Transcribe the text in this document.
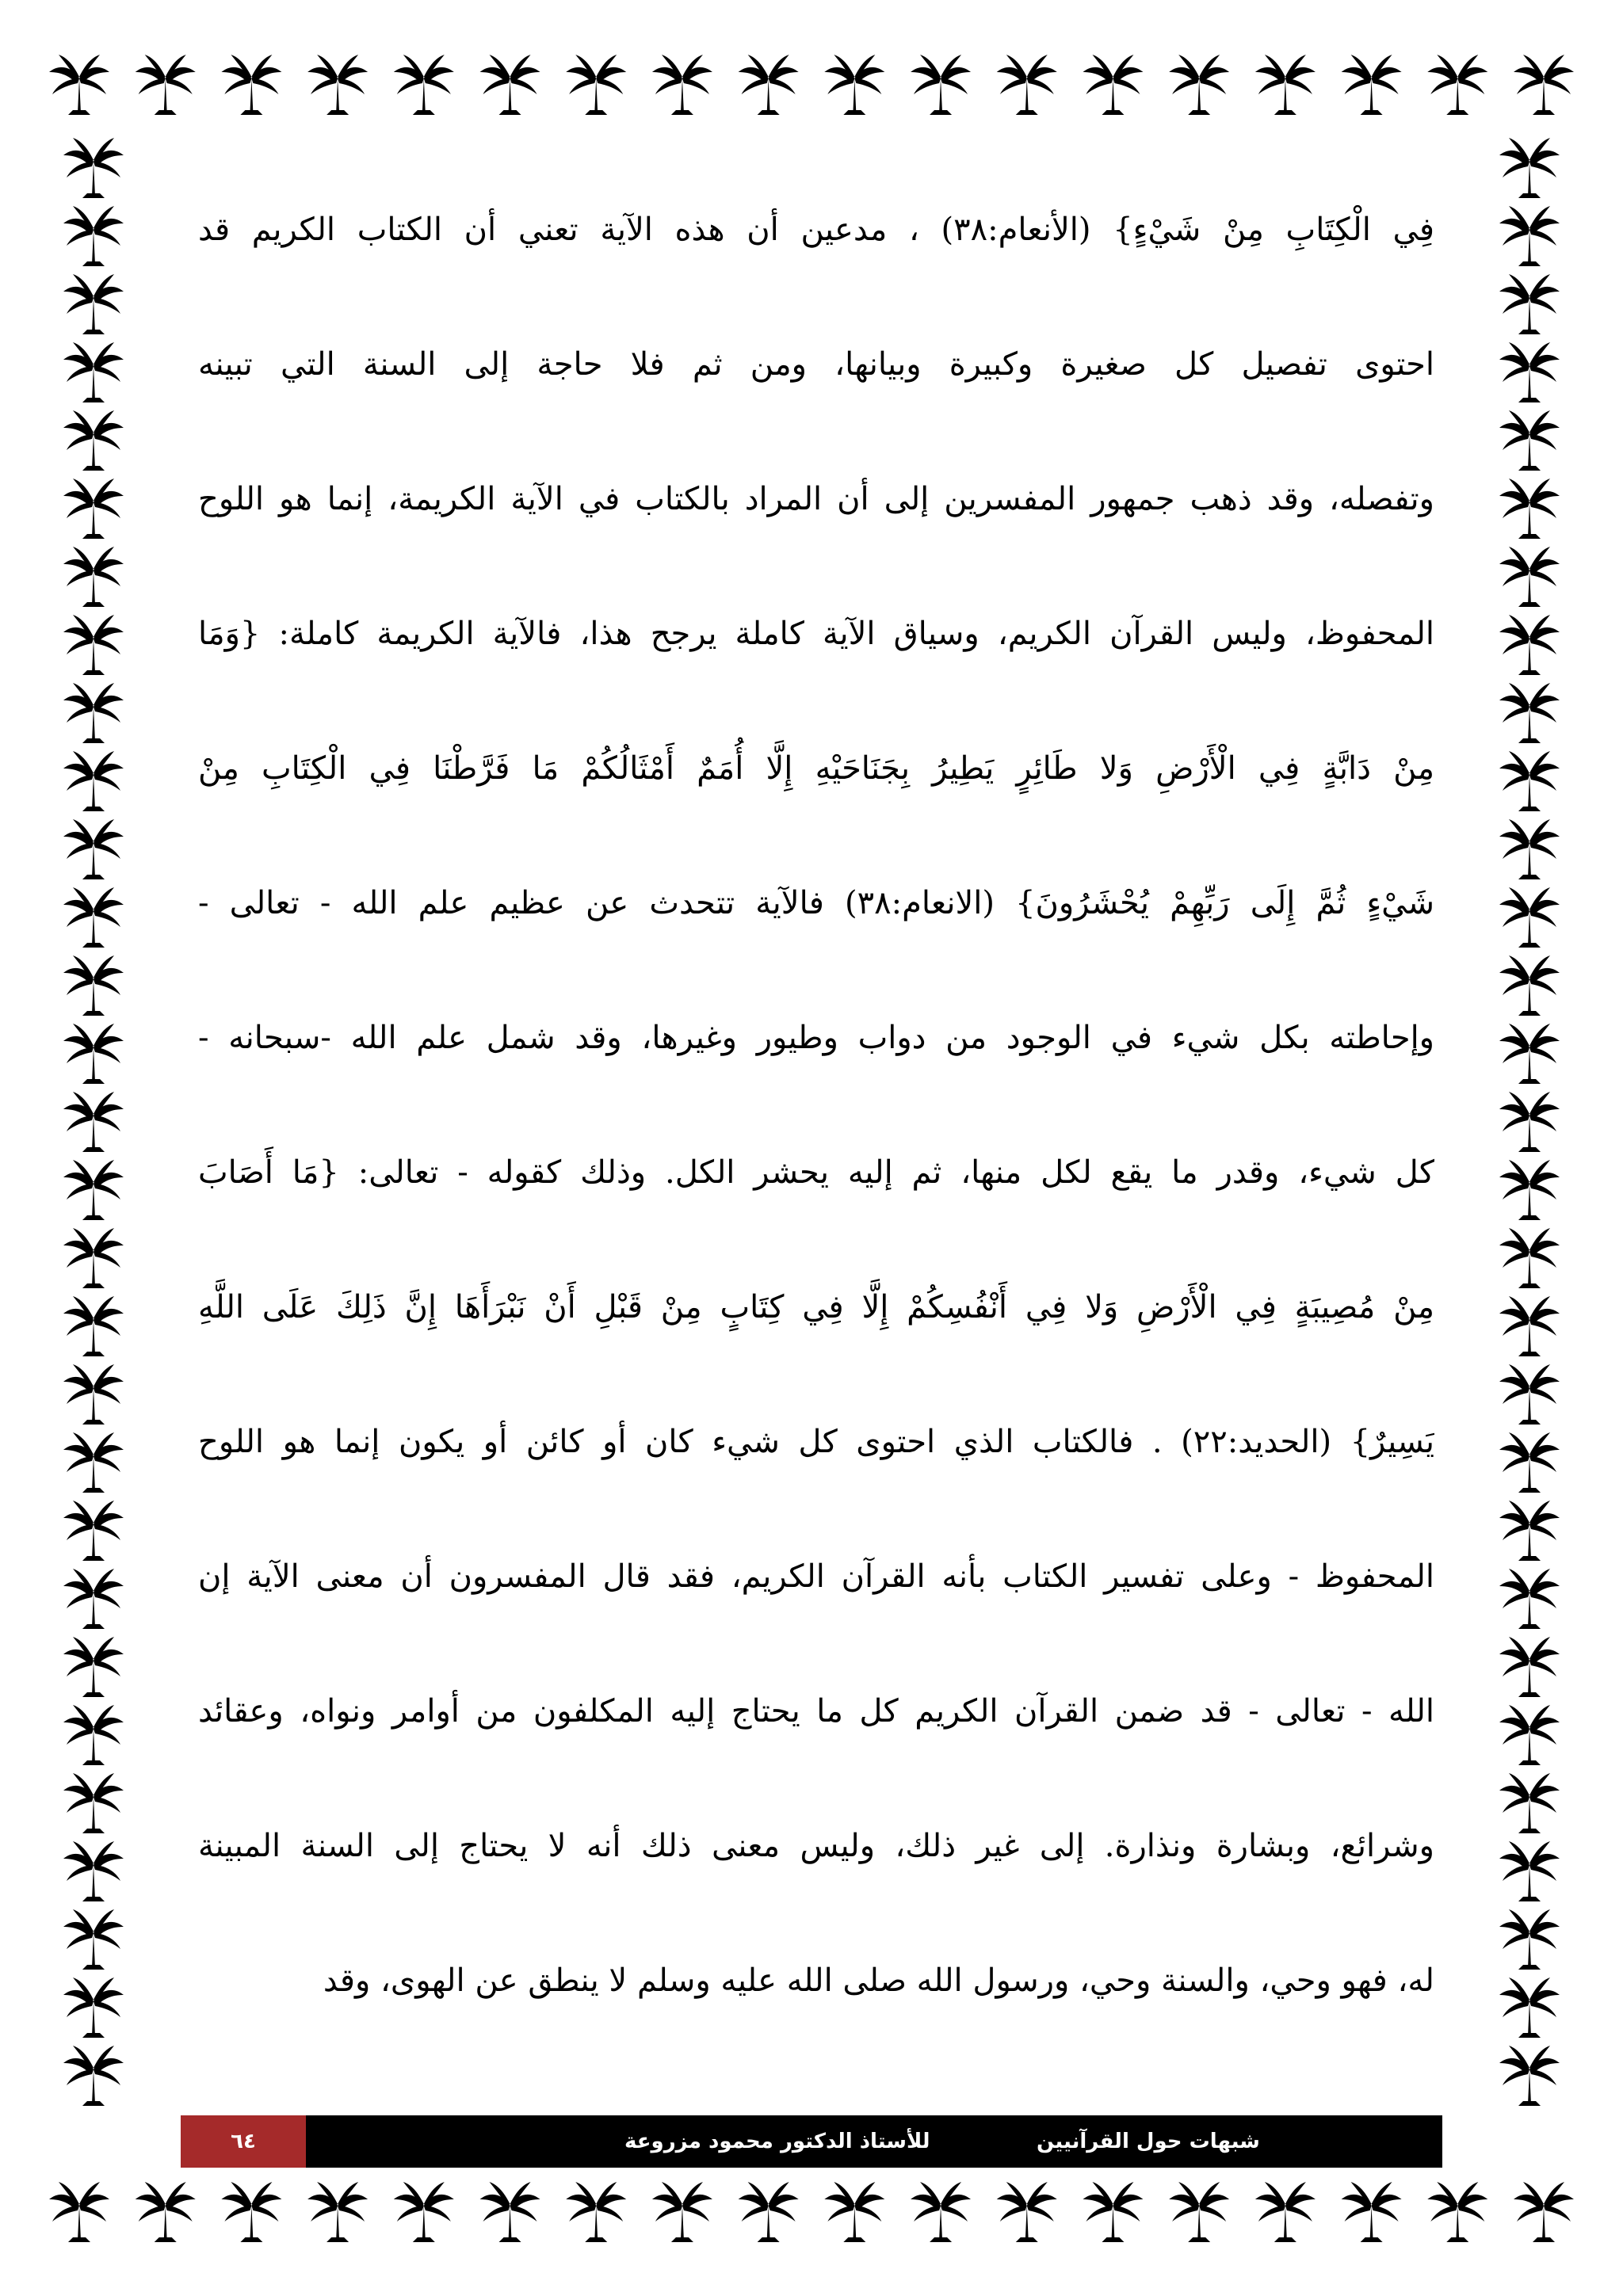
فِي الْكِتَابِ مِنْ شَيْءٍ} (الأنعام:٣٨) ، مدعين أن هذه الآية تعني أن الكتاب الكريم قد
احتوى تفصيل كل صغيرة وكبيرة وبيانها، ومن ثم فلا حاجة إلى السنة التي تبينه
وتفصله، وقد ذهب جمهور المفسرين إلى أن المراد بالكتاب في الآية الكريمة، إنما هو اللوح
المحفوظ، وليس القرآن الكريم، وسياق الآية كاملة يرجح هذا، فالآية الكريمة كاملة: {وَمَا
مِنْ دَابَّةٍ فِي الْأَرْضِ وَلا طَائِرٍ يَطِيرُ بِجَنَاحَيْهِ إِلَّا أُمَمٌ أَمْثَالُكُمْ مَا فَرَّطْنَا فِي الْكِتَابِ مِنْ
شَيْءٍ ثُمَّ إِلَى رَبِّهِمْ يُحْشَرُونَ} (الانعام:٣٨) فالآية تتحدث عن عظيم علم الله - تعالى -
وإحاطته بكل شيء في الوجود من دواب وطيور وغيرها، وقد شمل علم الله -سبحانه -
كل شيء، وقدر ما يقع لكل منها، ثم إليه يحشر الكل. وذلك كقوله - تعالى: {مَا أَصَابَ
مِنْ مُصِيبَةٍ فِي الْأَرْضِ وَلا فِي أَنْفُسِكُمْ إِلَّا فِي كِتَابٍ مِنْ قَبْلِ أَنْ نَبْرَأَهَا إِنَّ ذَلِكَ عَلَى اللَّهِ
يَسِيرٌ} (الحديد:٢٢) . فالكتاب الذي احتوى كل شيء كان أو كائن أو يكون إنما هو اللوح
المحفوظ - وعلى تفسير الكتاب بأنه القرآن الكريم، فقد قال المفسرون أن معنى الآية إن
الله - تعالى - قد ضمن القرآن الكريم كل ما يحتاج إليه المكلفون من أوامر ونواه، وعقائد
وشرائع، وبشارة ونذارة. إلى غير ذلك، وليس معنى ذلك أنه لا يحتاج إلى السنة المبينة
له، فهو وحي، والسنة وحي، ورسول الله صلى الله عليه وسلم لا ينطق عن الهوى، وقد
٦٤	للأستاذ الدكتور محمود مزروعة	شبهات حول القرآنيين
